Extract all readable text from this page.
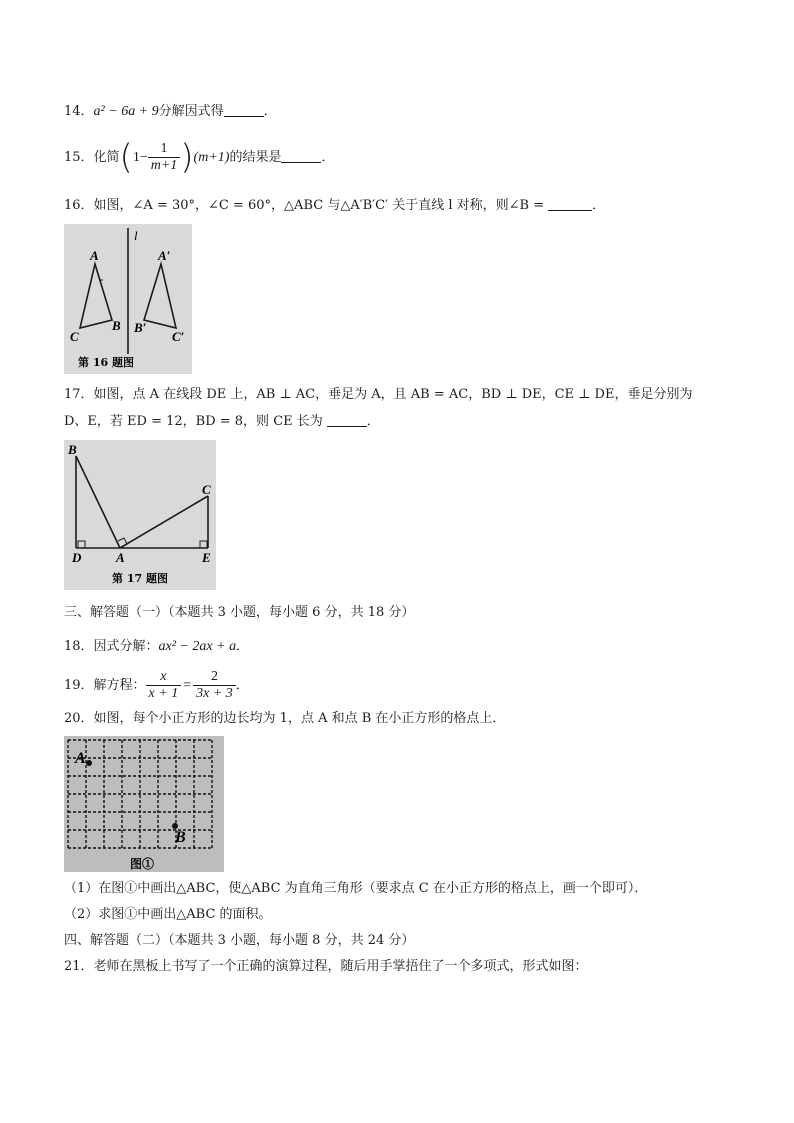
14．a² − 6a + 9分解因式得	．
15．化简$(1- \frac{1}{m+1} )(m+1)$的结果是	．
16．如图，∠A = 30°，∠C = 60°，△ABC 与△A′B′C′ 关于直线 l 对称，则∠B =	．
l
A
C
B
A′
B′
C′
第 16 题图
17．如图，点 A 在线段 DE 上，AB ⊥ AC，垂足为 A，且 AB = AC，BD ⊥ DE，CE ⊥ DE，垂足分别为
D、E，若 ED = 12，BD = 8，则 CE 长为	．
B
C
D	A	E
第 17 题图
三、解答题（一）（本题共 3 小题，每小题 6 分，共 18 分）
18．因式分解：ax² − 2ax + a．
19．解方程： $\frac{x}{x + 1} = \frac{2}{3x + 3}$ ．
20．如图，每个小正方形的边长均为 1，点 A 和点 B 在小正方形的格点上．
A
B
图①
（1）在图①中画出△ABC，使△ABC 为直角三角形（要求点 C 在小正方形的格点上，画一个即可）．
（2）求图①中画出△ABC 的面积。
四、解答题（二）（本题共 3 小题，每小题 8 分，共 24 分）
21．老师在黑板上书写了一个正确的演算过程，随后用手掌捂住了一个多项式，形式如图：
